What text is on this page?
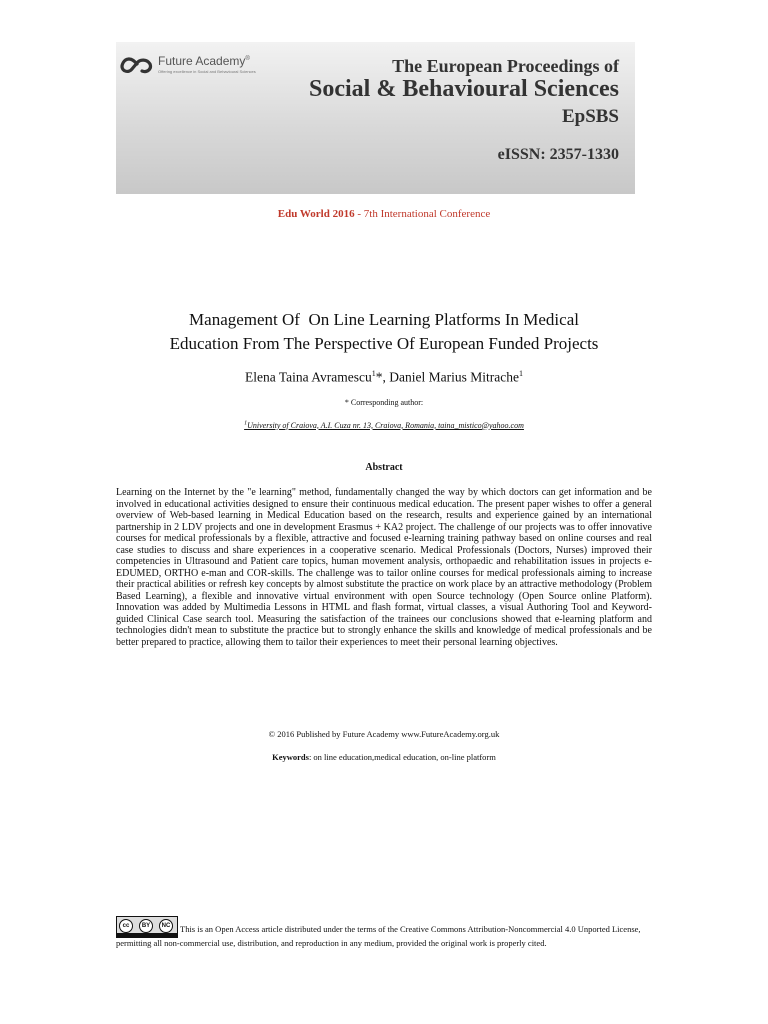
Future Academy®
Offering excellence in Social and Behavioural Sciences	The European Proceedings of
Social & Behavioural Sciences
EpSBS
eISSN: 2357-1330
Edu World 2016 - 7th International Conference
Management Of  On Line Learning Platforms In Medical
Education From The Perspective Of European Funded Projects
Elena Taina Avramescu$^1$*, Daniel Marius Mitrache$^1$
* Corresponding author:
$^1$University of Craiova, A.I. Cuza nr. 13, Craiova, Romania, taina_mistico@yahoo.com
Abstract
Learning on the Internet by the "e learning" method, fundamentally changed the way by which doctors can get information and be involved in educational activities designed to ensure their continuous medical education. The present paper wishes to offer a general overview of Web-based learning in Medical Education based on the research, results and experience gained by an international partnership in 2 LDV projects and one in development Erasmus + KA2 project. The challenge of our projects was to offer innovative courses for medical professionals by a flexible, attractive and focused e-learning training pathway based on online courses and real case studies to discuss and share experiences in a cooperative scenario. Medical Professionals (Doctors, Nurses) improved their competencies in Ultrasound and Patient care topics, human movement analysis, orthopaedic and rehabilitation issues in projects e-EDUMED, ORTHO e-man and COR-skills. The challenge was to tailor online courses for medical professionals aiming to increase their practical abilities or refresh key concepts by almost substitute the practice on work place by an attractive methodology (Problem Based Learning), a flexible and innovative virtual environment with open Source technology (Open Source online Platform). Innovation was added by Multimedia Lessons in HTML and flash format, virtual classes, a visual Authoring Tool and Keyword-guided Clinical Case search tool. Measuring the satisfaction of the trainees our conclusions showed that e-learning platform and technologies didn't mean to substitute the practice but to strongly enhance the skills and knowledge of medical professionals and be better prepared to practice, allowing them to tailor their experiences to meet their personal learning objectives.
© 2016 Published by Future Academy www.FutureAcademy.org.uk
Keywords: on line education,medical education, on-line platform
cc	BY	NC	This is an Open Access article distributed under the terms of the Creative Commons Attribution-Noncommercial 4.0 Unported License, permitting all non-commercial use, distribution, and reproduction in any medium, provided the original work is properly cited.
